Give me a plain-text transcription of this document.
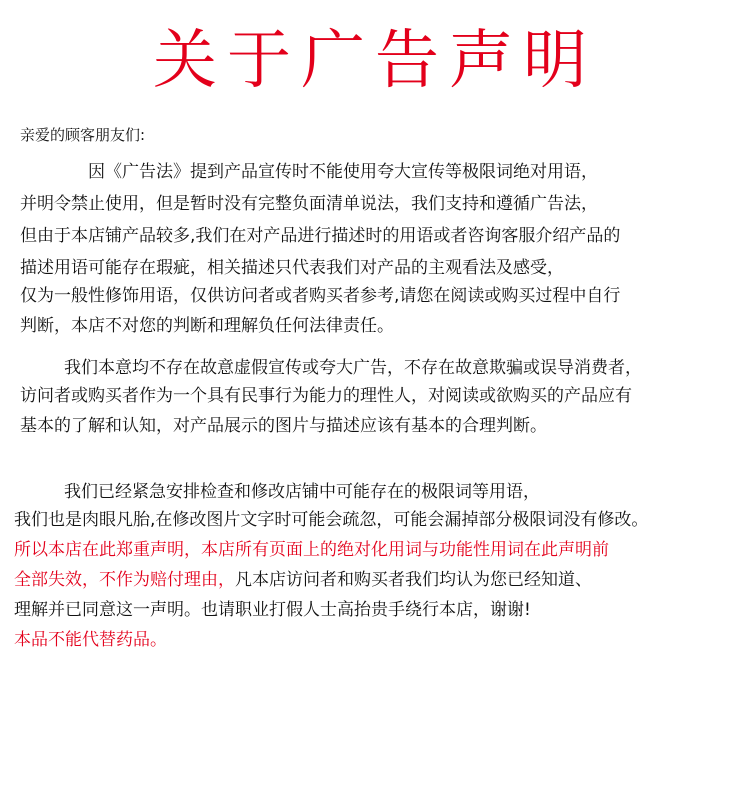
关于广告声明
亲爱的顾客朋友们:
因《广告法》提到产品宣传时不能使用夸大宣传等极限词绝对用语，
并明令禁止使用，但是暂时没有完整负面清单说法，我们支持和遵循广告法，
但由于本店铺产品较多,我们在对产品进行描述时的用语或者咨询客服介绍产品的
描述用语可能存在瑕疵，相关描述只代表我们对产品的主观看法及感受，
仅为一般性修饰用语，仅供访问者或者购买者参考,请您在阅读或购买过程中自行
判断，本店不对您的判断和理解负任何法律责任。
我们本意均不存在故意虚假宣传或夸大广告，不存在故意欺骗或误导消费者，
访问者或购买者作为一个具有民事行为能力的理性人，对阅读或欲购买的产品应有
基本的了解和认知，对产品展示的图片与描述应该有基本的合理判断。
我们已经紧急安排检查和修改店铺中可能存在的极限词等用语，
我们也是肉眼凡胎,在修改图片文字时可能会疏忽，可能会漏掉部分极限词没有修改。
所以本店在此郑重声明，本店所有页面上的绝对化用词与功能性用词在此声明前
全部失效，不作为赔付理由，凡本店访问者和购买者我们均认为您已经知道、
理解并已同意这一声明。也请职业打假人士高抬贵手绕行本店，谢谢!
本品不能代替药品。
